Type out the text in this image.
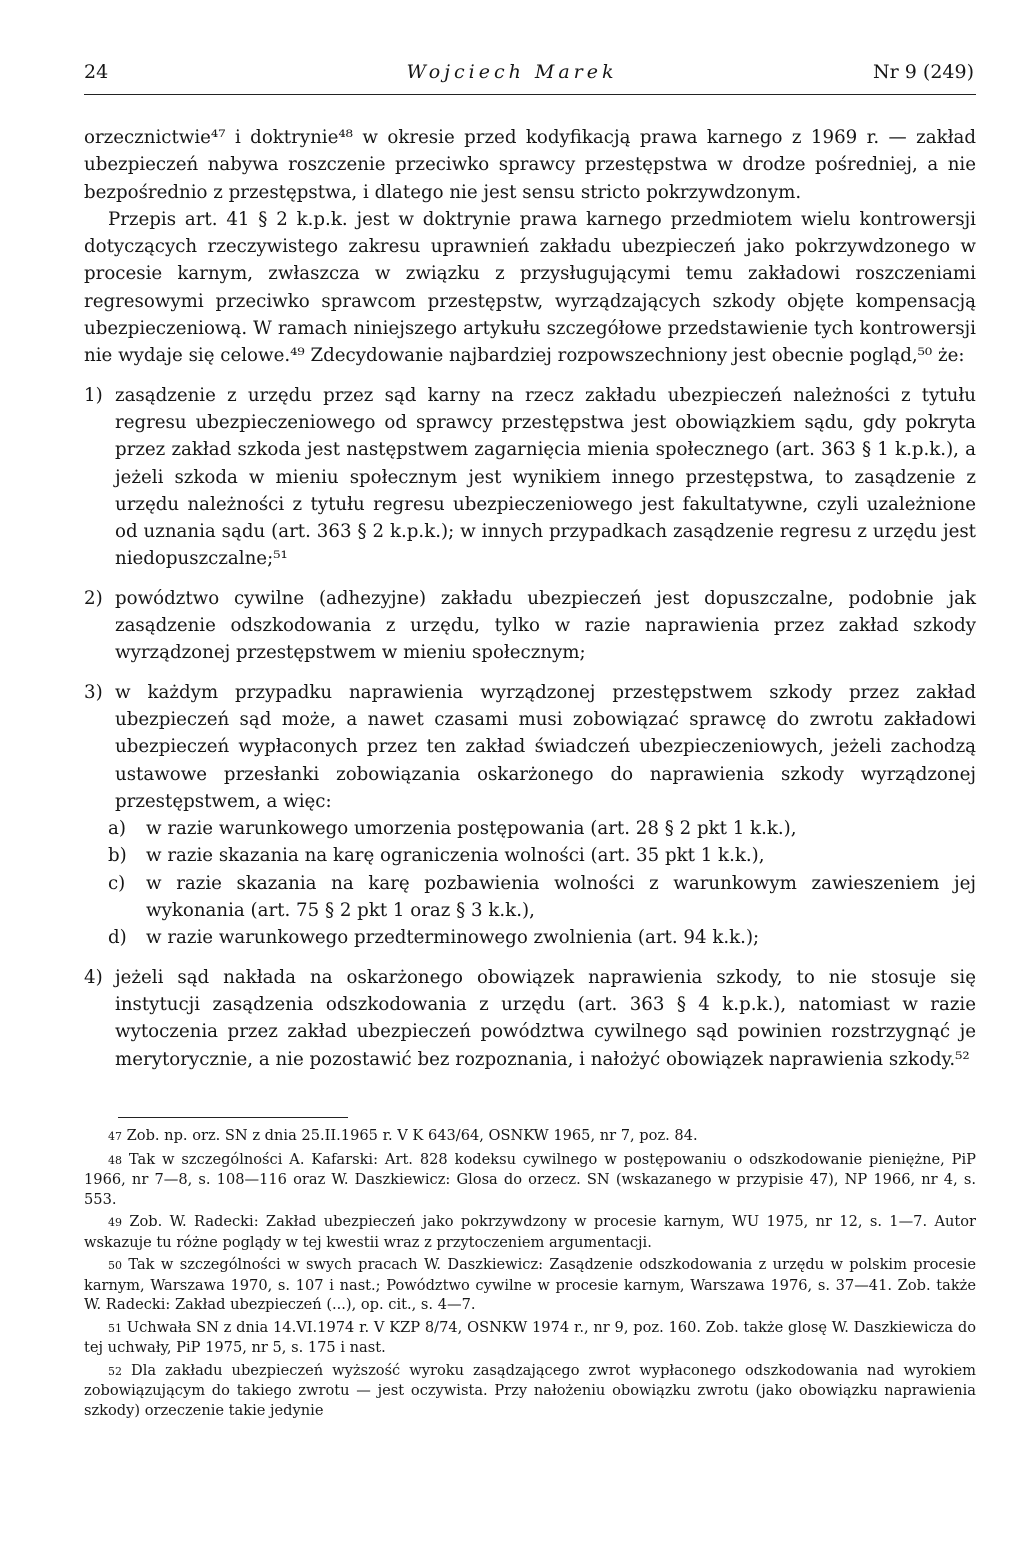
24	Wojciech Marek	Nr 9 (249)

orzecznictwie⁴⁷ i doktrynie⁴⁸ w okresie przed kodyfikacją prawa karnego z 1969 r. — zakład ubezpieczeń nabywa roszczenie przeciwko sprawcy przestępstwa w drodze pośredniej, a nie bezpośrednio z przestępstwa, i dlatego nie jest sensu stricto pokrzywdzonym.

Przepis art. 41 § 2 k.p.k. jest w doktrynie prawa karnego przedmiotem wielu kontrowersji dotyczących rzeczywistego zakresu uprawnień zakładu ubezpieczeń jako pokrzywdzonego w procesie karnym, zwłaszcza w związku z przysługującymi temu zakładowi roszczeniami regresowymi przeciwko sprawcom przestępstw, wyrządzających szkody objęte kompensacją ubezpieczeniową. W ramach niniejszego artykułu szczegółowe przedstawienie tych kontrowersji nie wydaje się celowe.⁴⁹ Zdecydowanie najbardziej rozpowszechniony jest obecnie pogląd,⁵⁰ że:

1) zasądzenie z urzędu przez sąd karny na rzecz zakładu ubezpieczeń należności z tytułu regresu ubezpieczeniowego od sprawcy przestępstwa jest obowiązkiem sądu, gdy pokryta przez zakład szkoda jest następstwem zagarnięcia mienia społecznego (art. 363 § 1 k.p.k.), a jeżeli szkoda w mieniu społecznym jest wynikiem innego przestępstwa, to zasądzenie z urzędu należności z tytułu regresu ubezpieczeniowego jest fakultatywne, czyli uzależnione od uznania sądu (art. 363 § 2 k.p.k.); w innych przypadkach zasądzenie regresu z urzędu jest niedopuszczalne;⁵¹
2) powództwo cywilne (adhezyjne) zakładu ubezpieczeń jest dopuszczalne, podobnie jak zasądzenie odszkodowania z urzędu, tylko w razie naprawienia przez zakład szkody wyrządzonej przestępstwem w mieniu społecznym;
3) w każdym przypadku naprawienia wyrządzonej przestępstwem szkody przez zakład ubezpieczeń sąd może, a nawet czasami musi zobowiązać sprawcę do zwrotu zakładowi ubezpieczeń wypłaconych przez ten zakład świadczeń ubezpieczeniowych, jeżeli zachodzą ustawowe przesłanki zobowiązania oskarżonego do naprawienia szkody wyrządzonej przestępstwem, a więc:
a)	w razie warunkowego umorzenia postępowania (art. 28 § 2 pkt 1 k.k.),
b)	w razie skazania na karę ograniczenia wolności (art. 35 pkt 1 k.k.),
c)	w razie skazania na karę pozbawienia wolności z warunkowym zawieszeniem jej wykonania (art. 75 § 2 pkt 1 oraz § 3 k.k.),
d)	w razie warunkowego przedterminowego zwolnienia (art. 94 k.k.);
4) jeżeli sąd nakłada na oskarżonego obowiązek naprawienia szkody, to nie stosuje się instytucji zasądzenia odszkodowania z urzędu (art. 363 § 4 k.p.k.), natomiast w razie wytoczenia przez zakład ubezpieczeń powództwa cywilnego sąd powinien rozstrzygnąć je merytorycznie, a nie pozostawić bez rozpoznania, i nałożyć obowiązek naprawienia szkody.⁵²

47 Zob. np. orz. SN z dnia 25.II.1965 r. V K 643/64, OSNKW 1965, nr 7, poz. 84.

48 Tak w szczególności A. Kafarski: Art. 828 kodeksu cywilnego w postępowaniu o odszkodowanie pieniężne, PiP 1966, nr 7—8, s. 108—116 oraz W. Daszkiewicz: Glosa do orzecz. SN (wskazanego w przypisie 47), NP 1966, nr 4, s. 553.

49 Zob. W. Radecki: Zakład ubezpieczeń jako pokrzywdzony w procesie karnym, WU 1975, nr 12, s. 1—7. Autor wskazuje tu różne poglądy w tej kwestii wraz z przytoczeniem argumentacji.

50 Tak w szczególności w swych pracach W. Daszkiewicz: Zasądzenie odszkodowania z urzędu w polskim procesie karnym, Warszawa 1970, s. 107 i nast.; Powództwo cywilne w procesie karnym, Warszawa 1976, s. 37—41. Zob. także W. Radecki: Zakład ubezpieczeń (...), op. cit., s. 4—7.

51 Uchwała SN z dnia 14.VI.1974 r. V KZP 8/74, OSNKW 1974 r., nr 9, poz. 160. Zob. także glosę W. Daszkiewicza do tej uchwały, PiP 1975, nr 5, s. 175 i nast.

52 Dla zakładu ubezpieczeń wyższość wyroku zasądzającego zwrot wypłaconego odszkodowania nad wyrokiem zobowiązującym do takiego zwrotu — jest oczywista. Przy nałożeniu obowiązku zwrotu (jako obowiązku naprawienia szkody) orzeczenie takie jedynie
